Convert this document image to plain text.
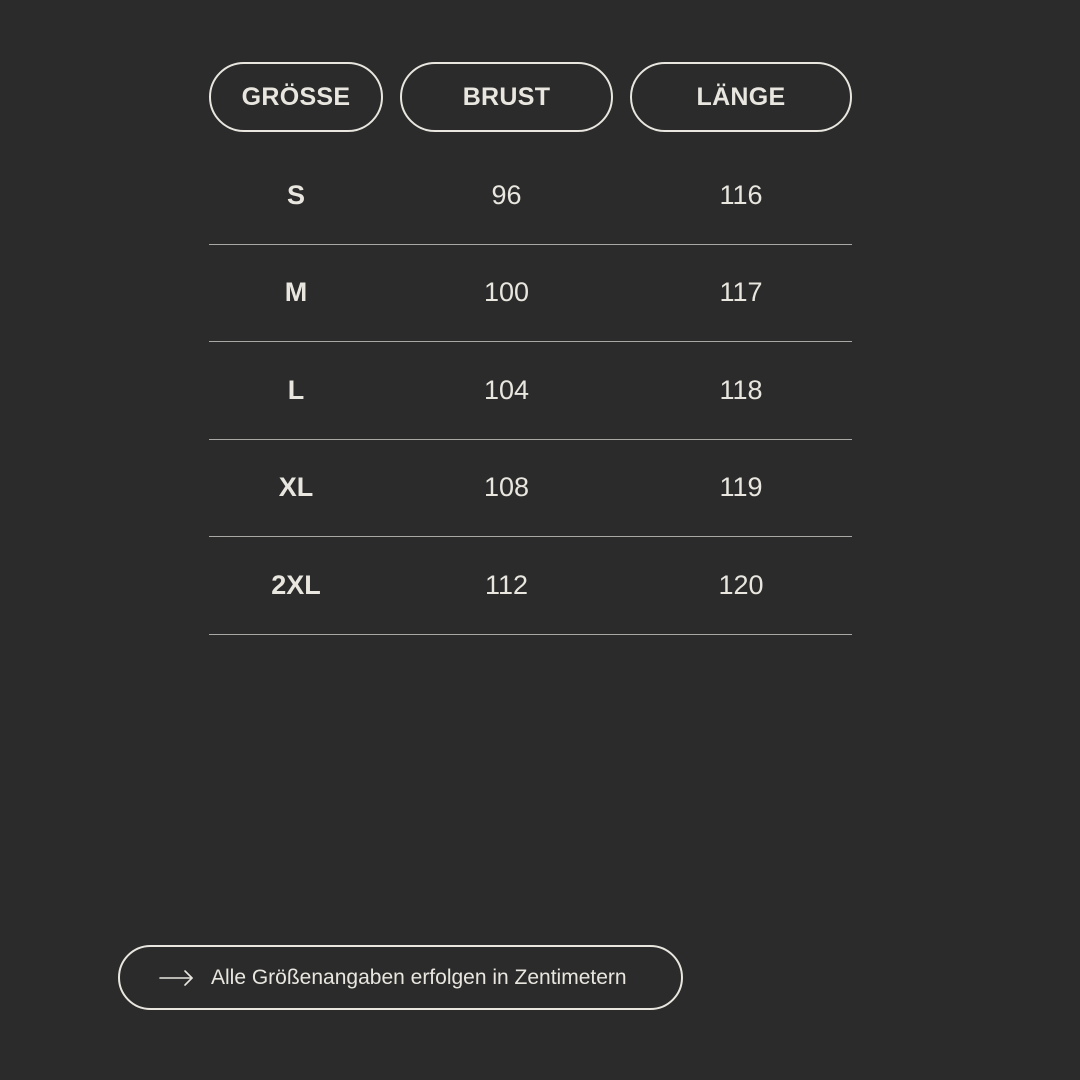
GRÖSSE	BRUST	LÄNGE
S	96	116
M	100	117
L	104	118
XL	108	119
2XL	112	120
Alle Größenangaben erfolgen in Zentimetern
